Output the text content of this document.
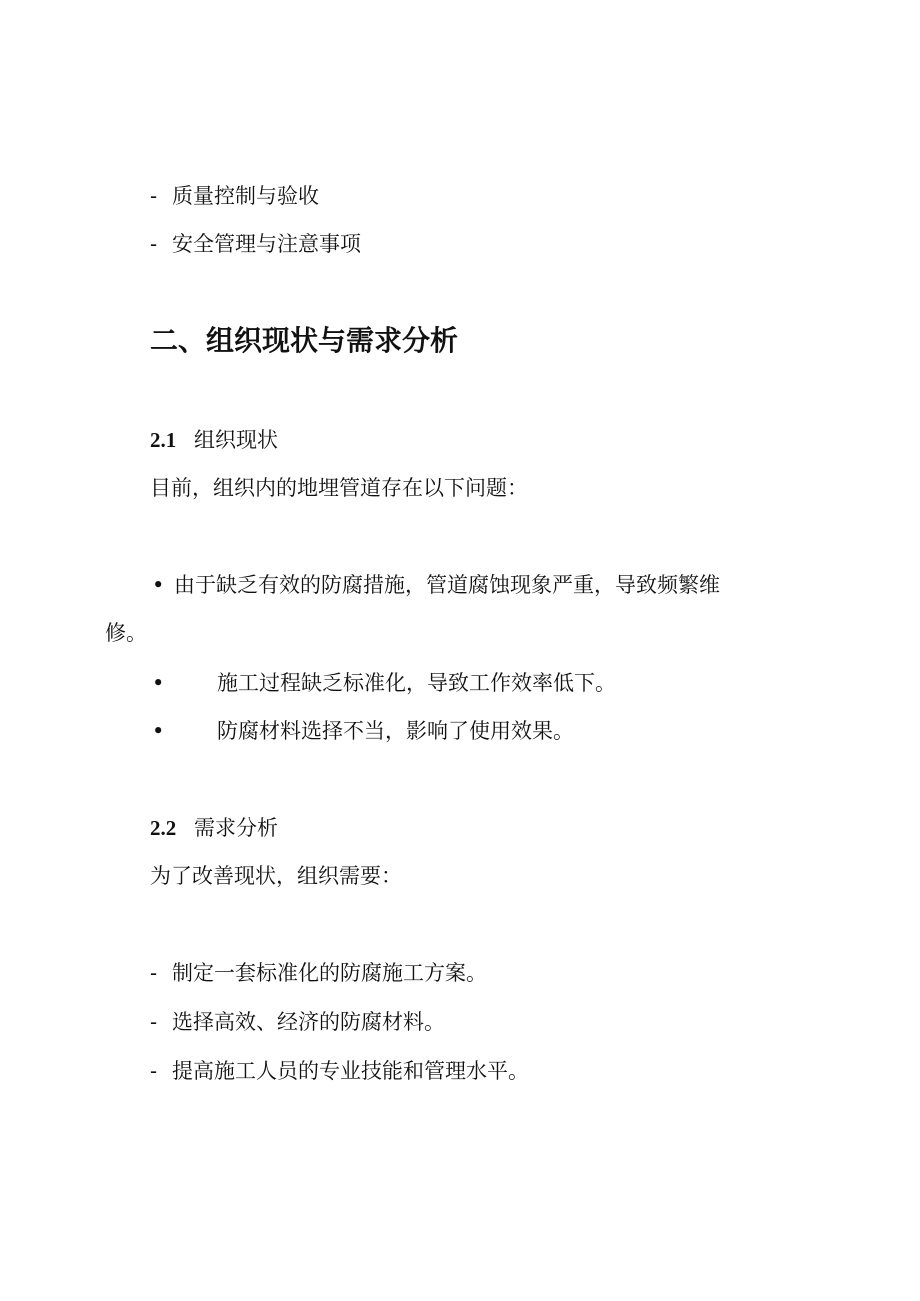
- 质量控制与验收
- 安全管理与注意事项
二、组织现状与需求分析
2.1 组织现状
目前，组织内的地埋管道存在以下问题：
• 由于缺乏有效的防腐措施，管道腐蚀现象严重，导致频繁维
修。
•	施工过程缺乏标准化，导致工作效率低下。
•	防腐材料选择不当，影响了使用效果。
2.2 需求分析
为了改善现状，组织需要：
- 制定一套标准化的防腐施工方案。
- 选择高效、经济的防腐材料。
- 提高施工人员的专业技能和管理水平。
